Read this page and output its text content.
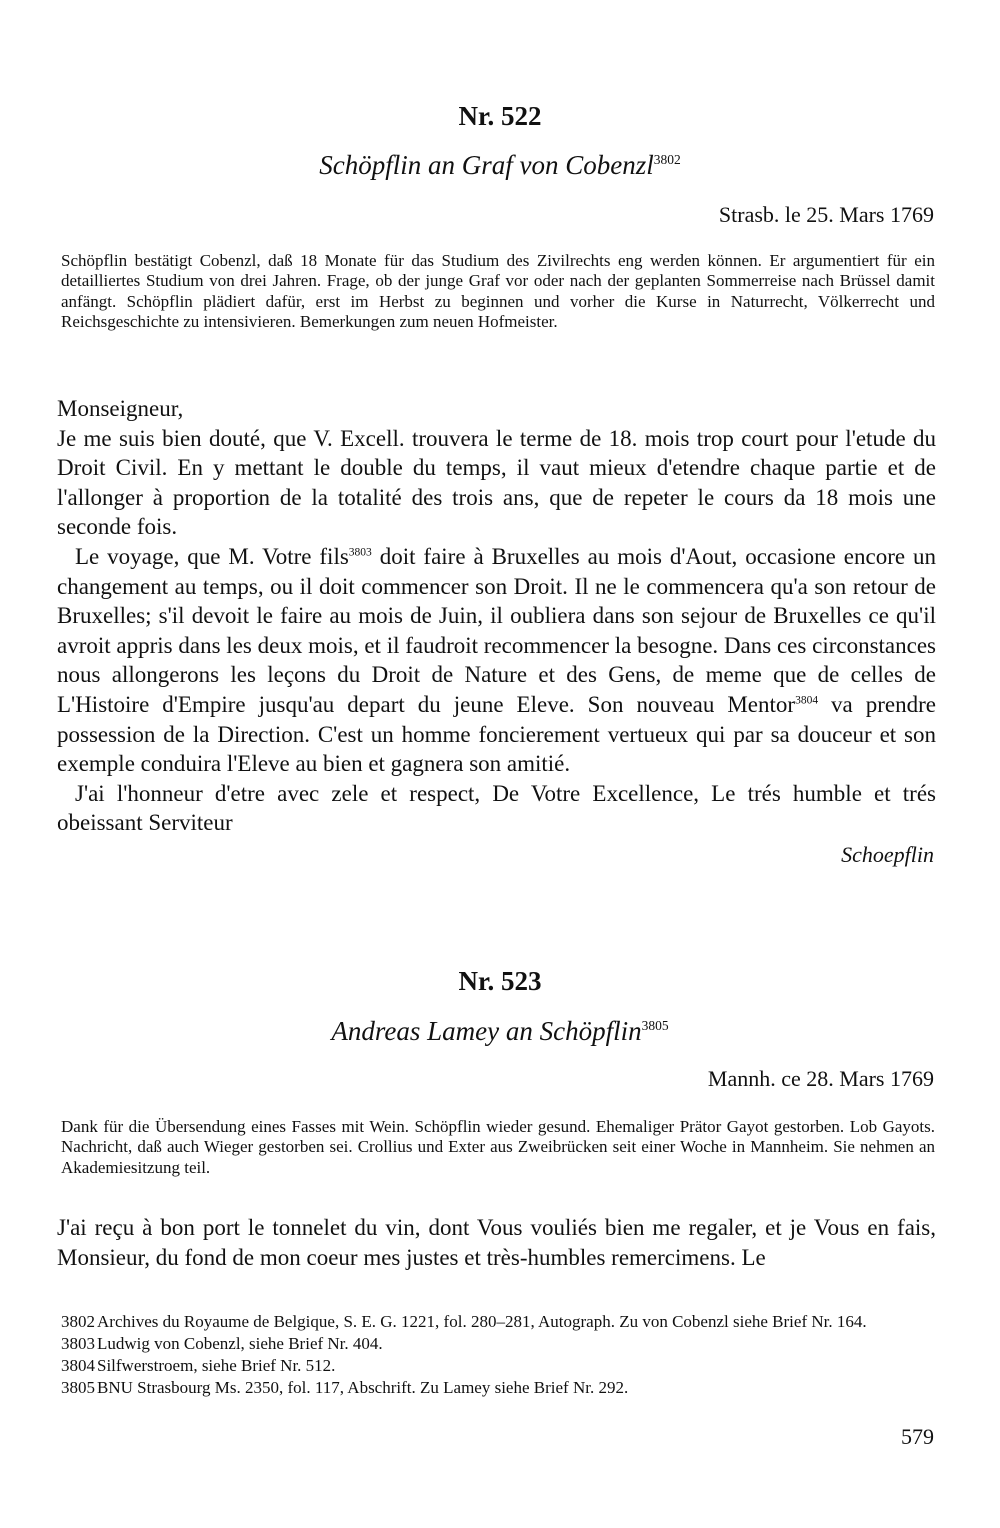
Nr. 522
Schöpflin an Graf von Cobenzl$^{3802}$
Strasb. le 25. Mars 1769
Schöpflin bestätigt Cobenzl, daß 18 Monate für das Studium des Zivilrechts eng werden können. Er argumentiert für ein detailliertes Studium von drei Jahren. Frage, ob der junge Graf vor oder nach der geplanten Sommerreise nach Brüssel damit anfängt. Schöpflin plädiert dafür, erst im Herbst zu beginnen und vorher die Kurse in Naturrecht, Völkerrecht und Reichsgeschichte zu intensivieren. Bemerkungen zum neuen Hofmeister.

Monseigneur,

Je me suis bien douté, que V. Excell. trouvera le terme de 18. mois trop court pour l'etude du Droit Civil. En y mettant le double du temps, il vaut mieux d'etendre chaque partie et de l'allonger à proportion de la totalité des trois ans, que de repeter le cours da 18 mois une seconde fois.

Le voyage, que M. Votre fils$^{3803}$ doit faire à Bruxelles au mois d'Aout, occasione encore un changement au temps, ou il doit commencer son Droit. Il ne le commencera qu'a son retour de Bruxelles; s'il devoit le faire au mois de Juin, il oubliera dans son sejour de Bruxelles ce qu'il avroit appris dans les deux mois, et il faudroit recommencer la besogne. Dans ces circonstances nous allongerons les leçons du Droit de Nature et des Gens, de meme que de celles de L'Histoire d'Empire jusqu'au depart du jeune Eleve. Son nouveau Mentor$^{3804}$ va prendre possession de la Direction. C'est un homme foncierement vertueux qui par sa douceur et son exemple conduira l'Eleve au bien et gagnera son amitié.

J'ai l'honneur d'etre avec zele et respect, De Votre Excellence, Le trés humble et trés obeissant Serviteur

Schoepflin
Nr. 523
Andreas Lamey an Schöpflin$^{3805}$
Mannh. ce 28. Mars 1769
Dank für die Übersendung eines Fasses mit Wein. Schöpflin wieder gesund. Ehemaliger Prätor Gayot gestorben. Lob Gayots. Nachricht, daß auch Wieger gestorben sei. Crollius und Exter aus Zweibrücken seit einer Woche in Mannheim. Sie nehmen an Akademiesitzung teil.

J'ai reçu à bon port le tonnelet du vin, dont Vous vouliés bien me regaler, et je Vous en fais, Monsieur, du fond de mon coeur mes justes et très-humbles remercimens. Le

3802 Archives du Royaume de Belgique, S. E. G. 1221, fol. 280–281, Autograph. Zu von Cobenzl siehe Brief Nr. 164.
3803 Ludwig von Cobenzl, siehe Brief Nr. 404.
3804 Silfwerstroem, siehe Brief Nr. 512.
3805 BNU Strasbourg Ms. 2350, fol. 117, Abschrift. Zu Lamey siehe Brief Nr. 292.
579
